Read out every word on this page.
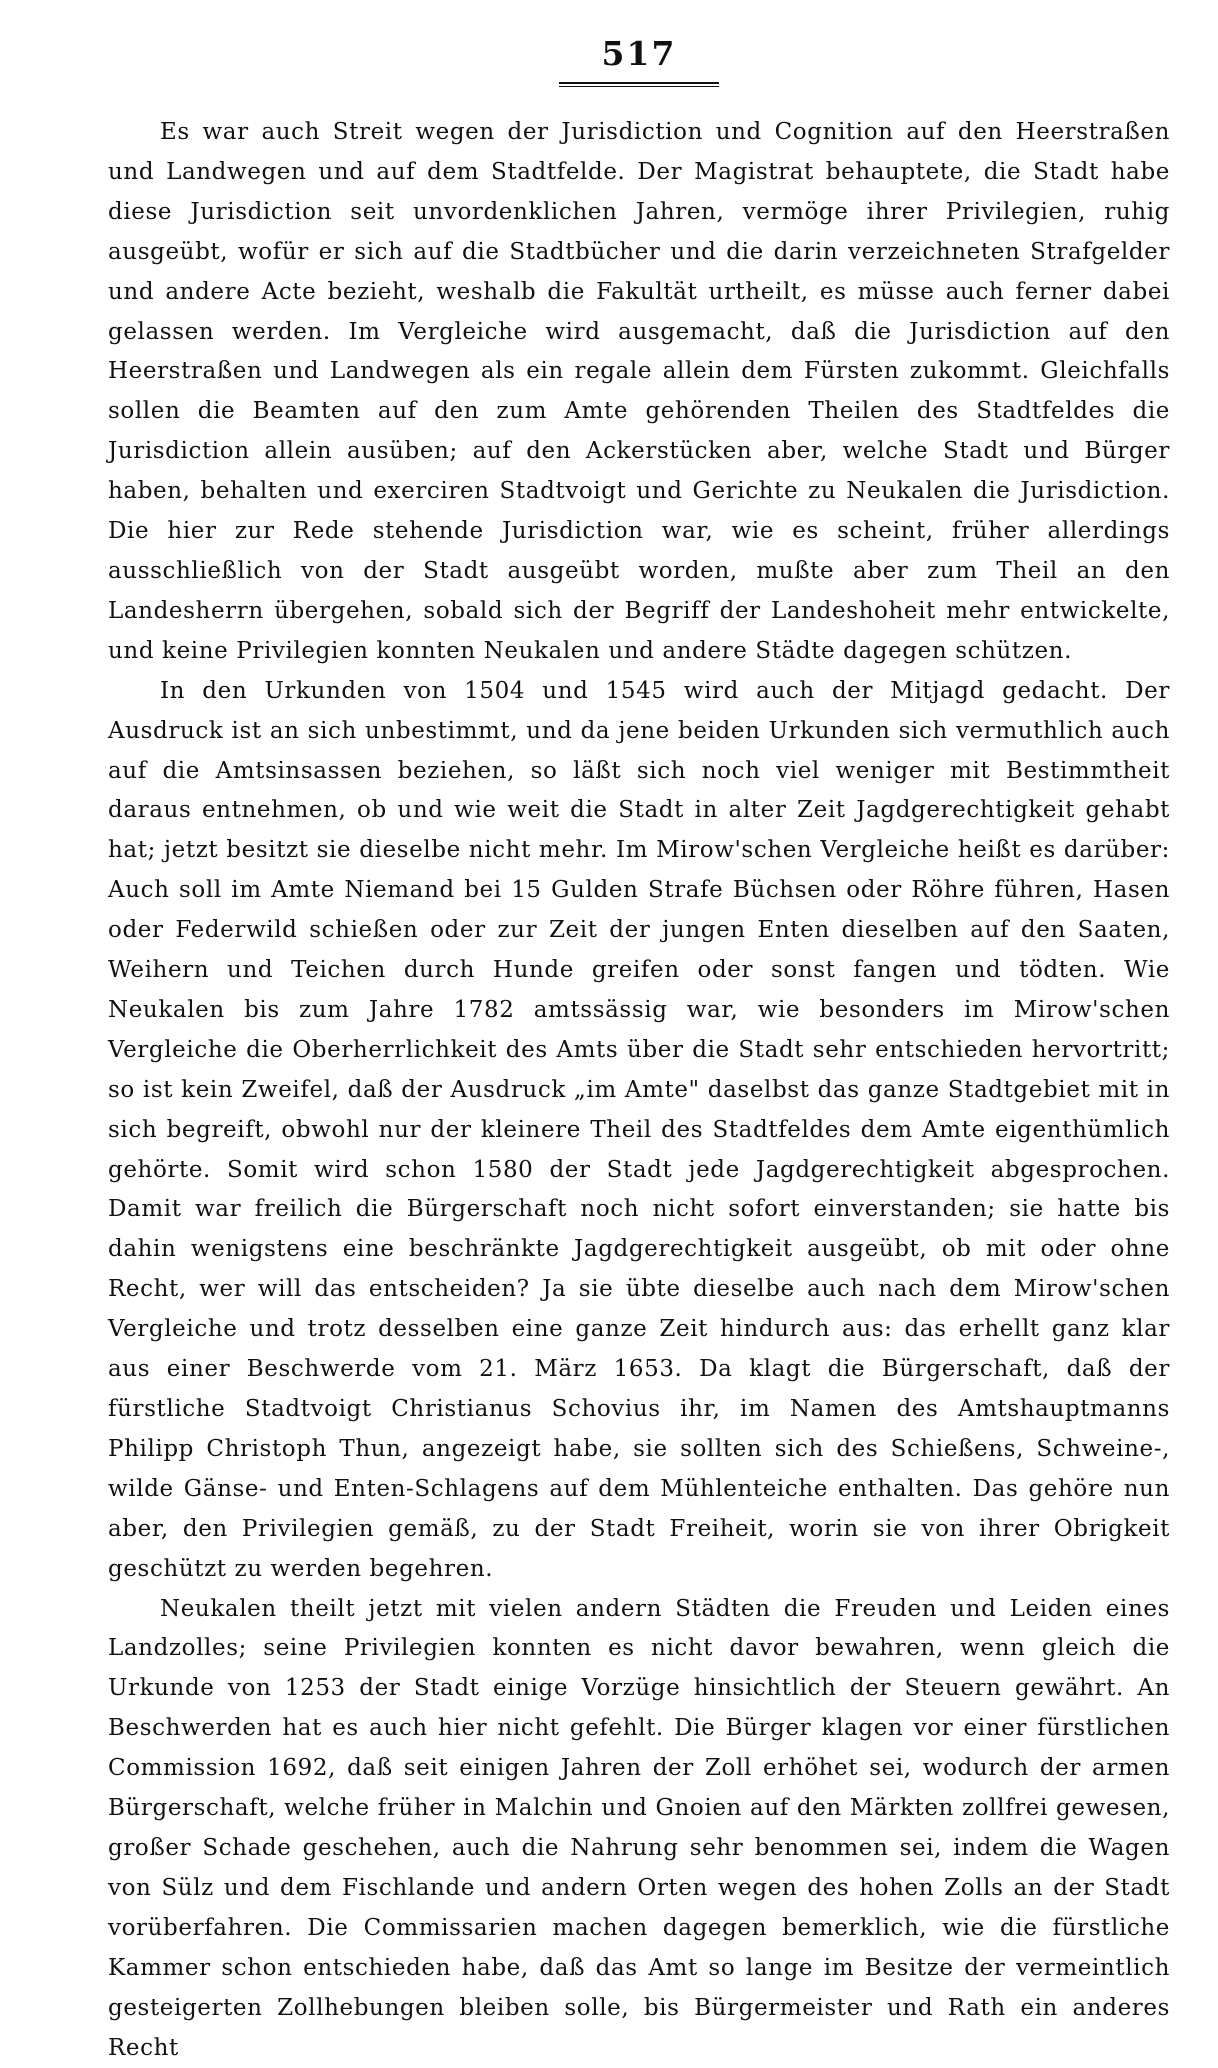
517

Es war auch Streit wegen der Jurisdiction und Cognition auf den Heerstraßen und Landwegen und auf dem Stadtfelde. Der Magistrat behauptete, die Stadt habe diese Jurisdiction seit unvordenklichen Jahren, vermöge ihrer Privilegien, ruhig ausgeübt, wofür er sich auf die Stadtbücher und die darin verzeichneten Strafgelder und andere Acte bezieht, weshalb die Fakultät urtheilt, es müsse auch ferner dabei gelassen werden. Im Vergleiche wird ausgemacht, daß die Jurisdiction auf den Heerstraßen und Landwegen als ein regale allein dem Fürsten zukommt. Gleichfalls sollen die Beamten auf den zum Amte gehörenden Theilen des Stadtfeldes die Jurisdiction allein ausüben; auf den Ackerstücken aber, welche Stadt und Bürger haben, behalten und exerciren Stadtvoigt und Gerichte zu Neukalen die Jurisdiction. Die hier zur Rede stehende Jurisdiction war, wie es scheint, früher allerdings ausschließlich von der Stadt ausgeübt worden, mußte aber zum Theil an den Landesherrn übergehen, sobald sich der Begriff der Landeshoheit mehr entwickelte, und keine Privilegien konnten Neukalen und andere Städte dagegen schützen.

In den Urkunden von 1504 und 1545 wird auch der Mitjagd gedacht. Der Ausdruck ist an sich unbestimmt, und da jene beiden Urkunden sich vermuthlich auch auf die Amtsinsassen beziehen, so läßt sich noch viel weniger mit Bestimmtheit daraus entnehmen, ob und wie weit die Stadt in alter Zeit Jagdgerechtigkeit gehabt hat; jetzt besitzt sie dieselbe nicht mehr. Im Mirow'schen Vergleiche heißt es darüber: Auch soll im Amte Niemand bei 15 Gulden Strafe Büchsen oder Röhre führen, Hasen oder Federwild schießen oder zur Zeit der jungen Enten dieselben auf den Saaten, Weihern und Teichen durch Hunde greifen oder sonst fangen und tödten. Wie Neukalen bis zum Jahre 1782 amtssässig war, wie besonders im Mirow'schen Vergleiche die Oberherrlichkeit des Amts über die Stadt sehr entschieden hervortritt; so ist kein Zweifel, daß der Ausdruck „im Amte" daselbst das ganze Stadtgebiet mit in sich begreift, obwohl nur der kleinere Theil des Stadtfeldes dem Amte eigenthümlich gehörte. Somit wird schon 1580 der Stadt jede Jagdgerechtigkeit abgesprochen. Damit war freilich die Bürgerschaft noch nicht sofort einverstanden; sie hatte bis dahin wenigstens eine beschränkte Jagdgerechtigkeit ausgeübt, ob mit oder ohne Recht, wer will das entscheiden? Ja sie übte dieselbe auch nach dem Mirow'schen Vergleiche und trotz desselben eine ganze Zeit hindurch aus: das erhellt ganz klar aus einer Beschwerde vom 21. März 1653. Da klagt die Bürgerschaft, daß der fürstliche Stadtvoigt Christianus Schovius ihr, im Namen des Amtshauptmanns Philipp Christoph Thun, angezeigt habe, sie sollten sich des Schießens, Schweine-, wilde Gänse- und Enten-Schlagens auf dem Mühlenteiche enthalten. Das gehöre nun aber, den Privilegien gemäß, zu der Stadt Freiheit, worin sie von ihrer Obrigkeit geschützt zu werden begehren.

Neukalen theilt jetzt mit vielen andern Städten die Freuden und Leiden eines Landzolles; seine Privilegien konnten es nicht davor bewahren, wenn gleich die Urkunde von 1253 der Stadt einige Vorzüge hinsichtlich der Steuern gewährt. An Beschwerden hat es auch hier nicht gefehlt. Die Bürger klagen vor einer fürstlichen Commission 1692, daß seit einigen Jahren der Zoll erhöhet sei, wodurch der armen Bürgerschaft, welche früher in Malchin und Gnoien auf den Märkten zollfrei gewesen, großer Schade geschehen, auch die Nahrung sehr benommen sei, indem die Wagen von Sülz und dem Fischlande und andern Orten wegen des hohen Zolls an der Stadt vorüberfahren. Die Commissarien machen dagegen bemerklich, wie die fürstliche Kammer schon entschieden habe, daß das Amt so lange im Besitze der vermeintlich gesteigerten Zollhebungen bleiben solle, bis Bürgermeister und Rath ein anderes Recht
